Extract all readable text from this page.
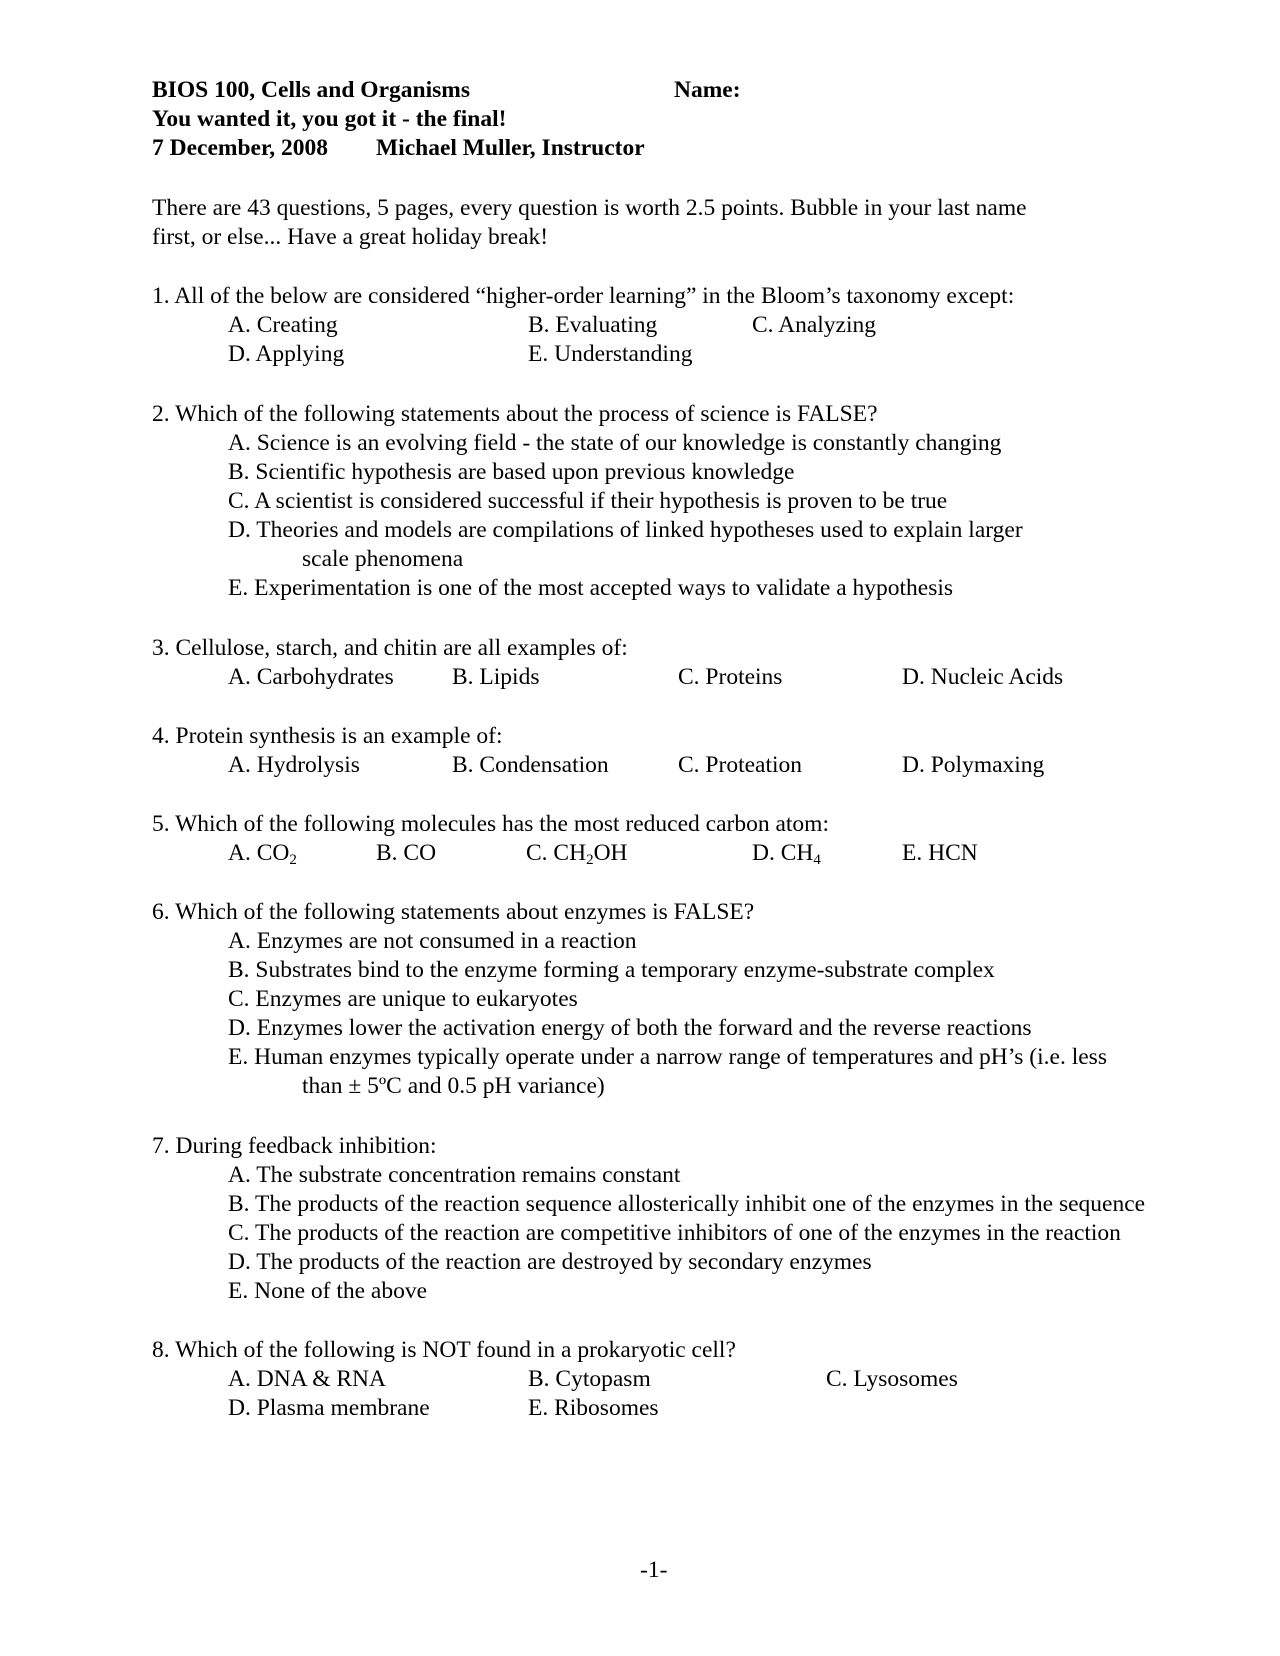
BIOS 100, Cells and Organisms	Name:
You wanted it, you got it - the final!
7 December, 2008 Michael Muller, Instructor
There are 43 questions, 5 pages, every question is worth 2.5 points. Bubble in your last name
first, or else... Have a great holiday break!
1. All of the below are considered “higher-order learning” in the Bloom’s taxonomy except:
A. Creating	B. Evaluating	C. Analyzing
D. Applying	E. Understanding
2. Which of the following statements about the process of science is FALSE?
A. Science is an evolving field - the state of our knowledge is constantly changing
B. Scientific hypothesis are based upon previous knowledge
C. A scientist is considered successful if their hypothesis is proven to be true
D. Theories and models are compilations of linked hypotheses used to explain larger
scale phenomena
E. Experimentation is one of the most accepted ways to validate a hypothesis
3. Cellulose, starch, and chitin are all examples of:
A. Carbohydrates B. Lipids	C. Proteins	D. Nucleic Acids
4. Protein synthesis is an example of:
A. Hydrolysis	B. Condensation	C. Proteation	D. Polymaxing
5. Which of the following molecules has the most reduced carbon atom:
A. $CO_2$	B. CO	C. $CH_2OH$	D. $CH_4$	E. HCN
6. Which of the following statements about enzymes is FALSE?
A. Enzymes are not consumed in a reaction
B. Substrates bind to the enzyme forming a temporary enzyme-substrate complex
C. Enzymes are unique to eukaryotes
D. Enzymes lower the activation energy of both the forward and the reverse reactions
E. Human enzymes typically operate under a narrow range of temperatures and pH’s (i.e. less
than ± 5ºC and 0.5 pH variance)
7. During feedback inhibition:
A. The substrate concentration remains constant
B. The products of the reaction sequence allosterically inhibit one of the enzymes in the sequence
C. The products of the reaction are competitive inhibitors of one of the enzymes in the reaction
D. The products of the reaction are destroyed by secondary enzymes
E. None of the above
8. Which of the following is NOT found in a prokaryotic cell?
A. DNA & RNA	B. Cytopasm	C. Lysosomes
D. Plasma membrane	E. Ribosomes
-1-
